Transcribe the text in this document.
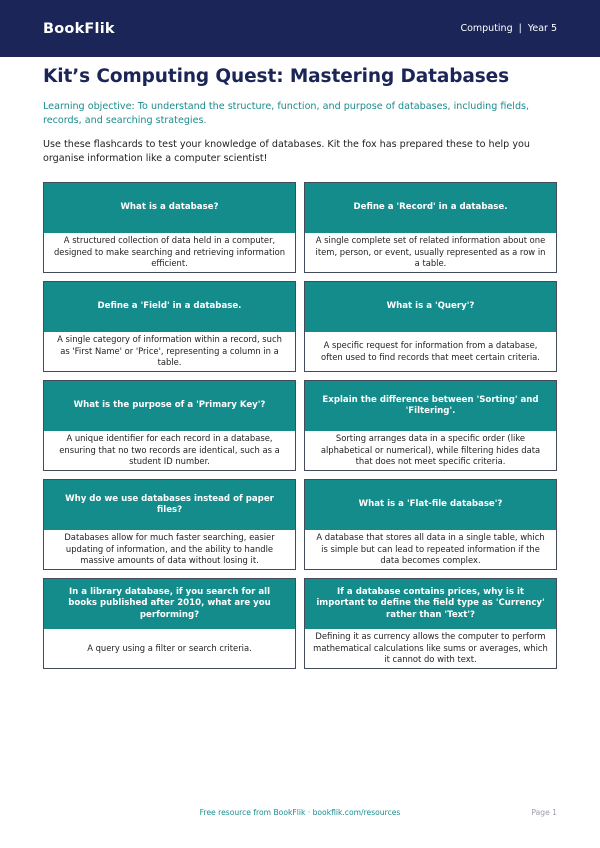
BookFlik	Computing | Year 5
Kit’s Computing Quest: Mastering Databases

Learning objective: To understand the structure, function, and purpose of databases, including fields, records, and searching strategies.

Use these flashcards to test your knowledge of databases. Kit the fox has prepared these to help you organise information like a computer scientist!

What is a database?
A structured collection of data held in a computer, designed to make searching and retrieving information efficient.
Define a 'Record' in a database.
A single complete set of related information about one item, person, or event, usually represented as a row in a table.
Define a 'Field' in a database.
A single category of information within a record, such as 'First Name' or 'Price', representing a column in a table.
What is a 'Query'?
A specific request for information from a database, often used to find records that meet certain criteria.
What is the purpose of a 'Primary Key'?
A unique identifier for each record in a database, ensuring that no two records are identical, such as a student ID number.
Explain the difference between 'Sorting' and 'Filtering'.
Sorting arranges data in a specific order (like alphabetical or numerical), while filtering hides data that does not meet specific criteria.
Why do we use databases instead of paper files?
Databases allow for much faster searching, easier updating of information, and the ability to handle massive amounts of data without losing it.
What is a 'Flat-file database'?
A database that stores all data in a single table, which is simple but can lead to repeated information if the data becomes complex.
In a library database, if you search for all books published after 2010, what are you performing?
A query using a filter or search criteria.
If a database contains prices, why is it important to define the field type as 'Currency' rather than 'Text'?
Defining it as currency allows the computer to perform mathematical calculations like sums or averages, which it cannot do with text.
Free resource from BookFlik · bookflik.com/resources	Page 1
